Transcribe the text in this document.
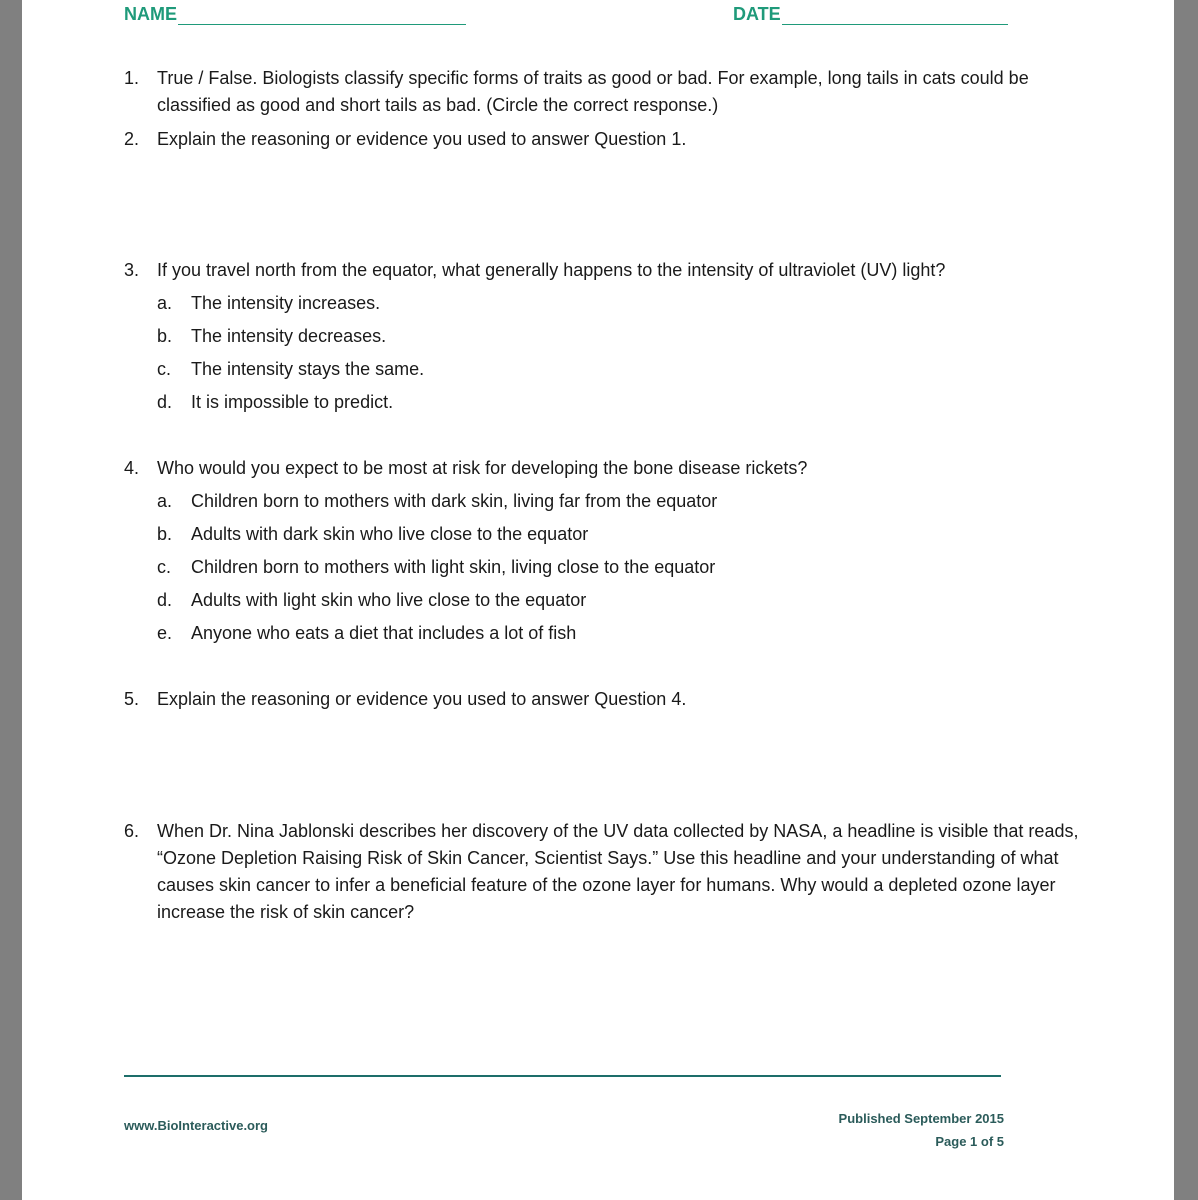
NAME	DATE
1. True / False. Biologists classify specific forms of traits as good or bad. For example, long tails in cats could be classified as good and short tails as bad. (Circle the correct response.)
2. Explain the reasoning or evidence you used to answer Question 1.
3. If you travel north from the equator, what generally happens to the intensity of ultraviolet (UV) light?
a.	The intensity increases.
b.	The intensity decreases.
c.	The intensity stays the same.
d.	It is impossible to predict.
4. Who would you expect to be most at risk for developing the bone disease rickets?
a.	Children born to mothers with dark skin, living far from the equator
b.	Adults with dark skin who live close to the equator
c.	Children born to mothers with light skin, living close to the equator
d.	Adults with light skin who live close to the equator
e.	Anyone who eats a diet that includes a lot of fish
5. Explain the reasoning or evidence you used to answer Question 4.
6. When Dr. Nina Jablonski describes her discovery of the UV data collected by NASA, a headline is visible that reads, “Ozone Depletion Raising Risk of Skin Cancer, Scientist Says.” Use this headline and your understanding of what causes skin cancer to infer a beneficial feature of the ozone layer for humans. Why would a depleted ozone layer increase the risk of skin cancer?
www.BioInteractive.org	Published September 2015
Page 1 of 5
